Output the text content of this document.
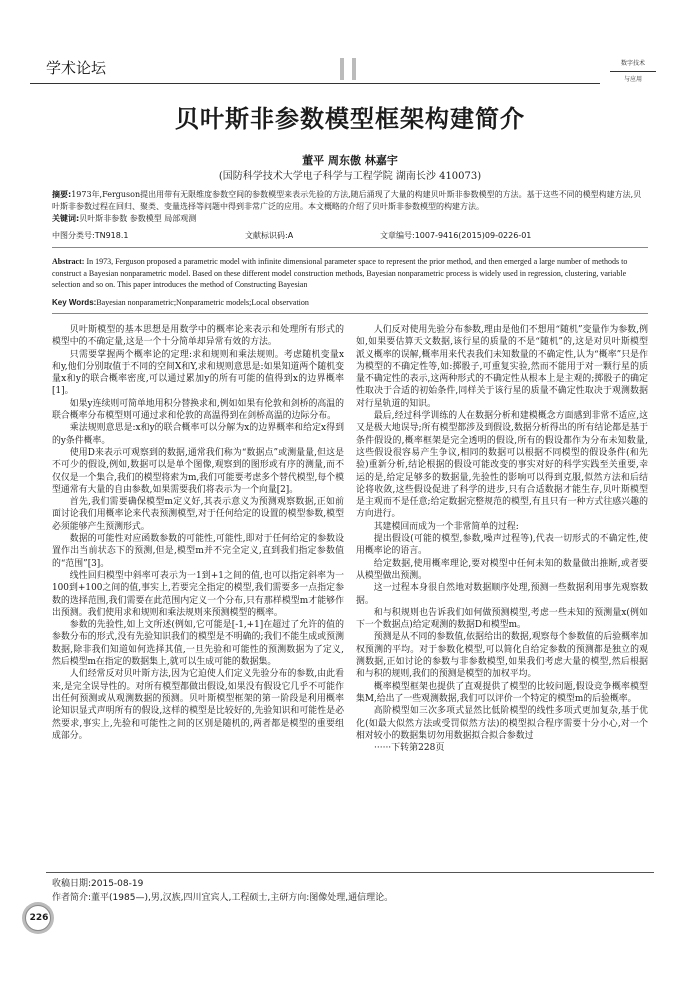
学术论坛	数字技术
与应用
贝叶斯非参数模型框架构建简介
董平 周东傲 林嘉宇
(国防科学技术大学电子科学与工程学院 湖南长沙 410073)
摘要:1973年,Ferguson提出用带有无限维度参数空间的参数模型来表示先验的方法,随后涌现了大量的构建贝叶斯非参数模型的方法。基于这些不同的模型构建方法,贝叶斯非参数过程在回归、聚类、变量选择等问题中得到非常广泛的应用。本文概略的介绍了贝叶斯非参数模型的构建方法。
关键词:贝叶斯非参数 参数模型 局部观测
中图分类号:TN918.1	文献标识码:A	文章编号:1007-9416(2015)09-0226-01
Abstract: In 1973, Ferguson proposed a parametric model with infinite dimensional parameter space to represent the prior method, and then emerged a large number of methods to construct a Bayesian nonparametric model. Based on these different model construction methods, Bayesian nonparametric process is widely used in regression, clustering, variable selection and so on. This paper introduces the method of Constructing Bayesian
Key Words:Bayesian nonparametric;Nonparametric models;Local observation

贝叶斯模型的基本思想是用数学中的概率论来表示和处理所有形式的模型中的不确定量,这是一个十分简单却异常有效的方法。

只需要掌握两个概率论的定理:求和规则和乘法规则。考虑随机变量x和y,他们分别取值于不同的空间X和Y,求和规则意思是:如果知道两个随机变量x和y的联合概率密度,可以通过累加y的所有可能的值得到x的边界概率[1]。

如果y连续则可简单地用积分替换求和,例如如果有伦敦和剑桥的高温的联合概率分布模型则可通过求和伦敦的高温得到在剑桥高温的边际分布。

乘法规则意思是:x和y的联合概率可以分解为x的边界概率和给定x得到的y条件概率。

使用D来表示可观察到的数据,通常我们称为“数据点”或测量量,但这是不可少的假设,例如,数据可以是单个图像,观察到的图形或有序的测量,而不仅仅是一个集合,我们的模型将索为m,我们可能要考虑多个替代模型,每个模型通常有大量的自由参数,如果需要我们将表示为一个向量[2]。

首先,我们需要确保模型m定义好,其表示意义为预测观察数据,正如前面讨论我们用概率论来代表预测模型,对于任何给定的设置的模型参数,模型必须能够产生预测形式。

数据的可能性对应函数参数的可能性,可能性,即对于任何给定的参数设置作出当前状态下的预测,但是,模型m并不完全定义,直到我们指定参数值的“范围”[3]。

线性回归模型中斜率可表示为一1到+1之间的值,也可以指定斜率为一100到+100之间的值,事实上,若要完全指定的模型,我们需要多一点指定参数的选择范围,我们需要在此范围内定义一个分布,只有那样模型m才能够作出预测。我们使用求和规则和乘法规则来预测模型的概率。

参数的先验性,如上文所述(例如,它可能是[-1,+1]在超过了允许的值的参数分布的形式,没有先验知识我们的模型是不明确的;我们不能生成或预测数据,除非我们知道如何选择其值,一旦先验和可能性的预测数据为了定义,然后模型m在指定的数据集上,就可以生成可能的数据集。

人们经常反对贝叶斯方法,因为它迫使人们定义先验分布的参数,由此看来,是完全误导性的。对所有模型都做出假设,如果没有假设它几乎不可能作出任何预测或从观测数据的预测。贝叶斯模型框架的第一阶段是利用概率论知识显式声明所有的假设,这样的模型是比较好的,先验知识和可能性是必然要求,事实上,先验和可能性之间的区别是随机的,两者都是模型的重要组成部分。

人们反对使用先验分布参数,理由是他们不想用“随机”变量作为参数,例如,如果要估算天文数据,该行星的质量的不是“随机”的,这是对贝叶斯模型派义概率的误解,概率用来代表我们未知数量的不确定性,认为“概率”只是作为模型的不确定性等,如:掷骰子,可重复实验,然而不能用于对一颗行星的质量不确定性的表示,这两种形式的不确定性从根本上是主观的;掷骰子的确定性取决于合适的初始条件,同样关于该行星的质量不确定性取决于观测数据对行星轨道的知识。

最后,经过科学训练的人在数据分析和建模概念方面感到非常不适应,这又是极大地误导;所有模型都涉及到假设,数据分析得出的所有结论都是基于条件假设的,概率框架是完全透明的假设,所有的假设都作为分布未知数量,这些假设很容易产生争议,相同的数据可以根据不同模型的假设条件(和先验)重新分析,结论根据的假设可能改变的事实对好的科学实践至关重要,幸运的是,给定足够多的数据量,先验性的影响可以得到克服,似然方法和后结论将收敛,这些假设促进了科学的进步,只有合适数据才能生存,贝叶斯模型是主观而不是任意;给定数据完整规范的模型,有且只有一种方式往感兴趣的方向进行。

其建模回而成为一个非常简单的过程:

提出假设(可能的模型,参数,噪声过程等),代表一切形式的不确定性,使用概率论的语言。

给定数据,使用概率理论,要对模型中任何未知的数量做出推断,或者要从模型做出预测。

这一过程本身很自然地对数据顺序处理,预测一些数据利用事先观察数据。

和与积规则也告诉我们如何做预测模型,考虑一些未知的预测量x(例如下一个数据点)给定观测的数据D和模型m。

预测是从不同的参数值,依据给出的数据,观察每个参数值的后验概率加权预测的平均。对于参数化模型,可以简化自给定参数的预测都是独立的观测数据,正如讨论的参数与非参数模型,如果我们考虑大量的模型,然后根据和与积的规则,我们的预测是模型的加权平均。

概率模型框架也提供了直观提供了模型的比较问题,假设竞争概率模型集M,给出了一些观测数据,我们可以评价一个特定的模型m的后验概率。

高阶模型如三次多项式显然比低阶模型的线性多项式更加复杂,基于优化(如最大似然方法或受罚似然方法)的模型拟合程序需要十分小心,对一个相对较小的数据集切勿用数据拟合拟合参数过

······下转第228页

收稿日期:2015-08-19
作者简介:董平(1985—),男,汉族,四川宜宾人,工程硕士,主研方向:图像处理,通信理论。
226
